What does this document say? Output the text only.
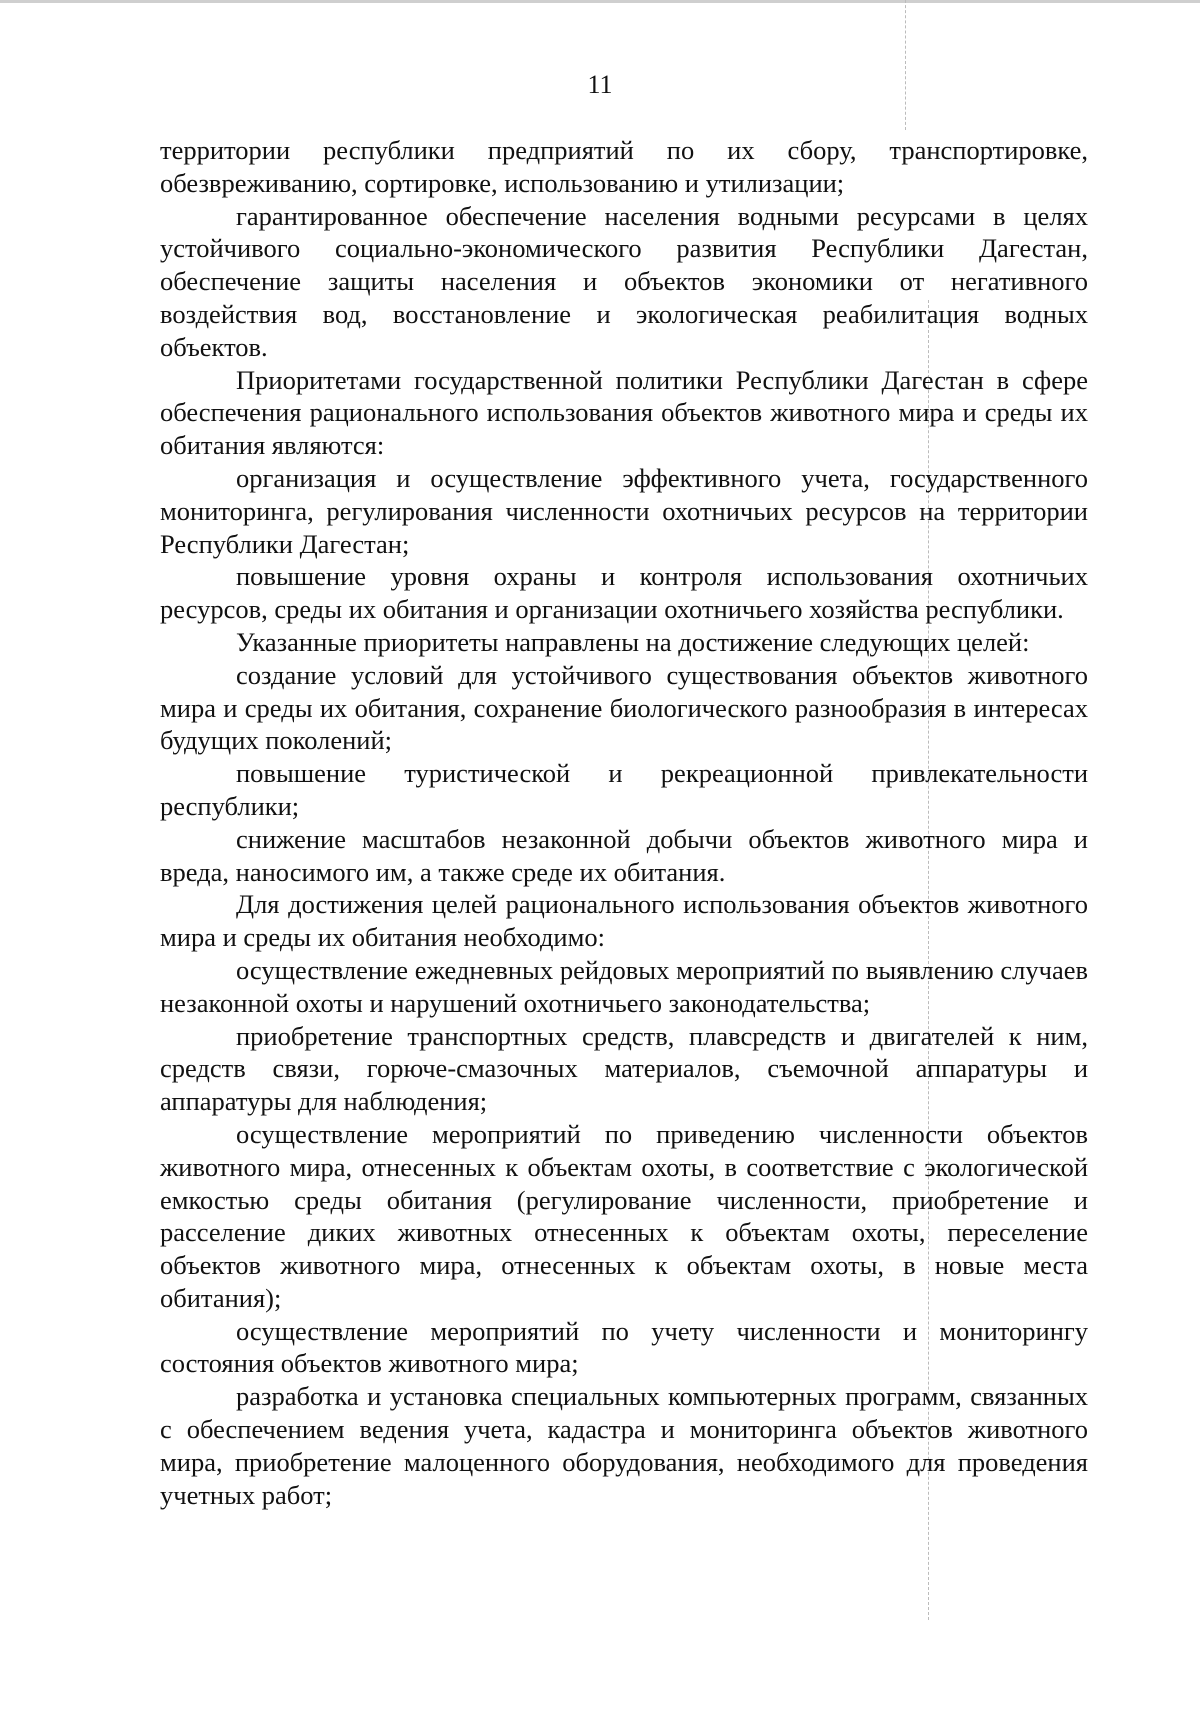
11

территории республики предприятий по их сбору, транспортировке, обезвреживанию, сортировке, использованию и утилизации;

гарантированное обеспечение населения водными ресурсами в целях устойчивого социально-экономического развития Республики Дагестан, обеспечение защиты населения и объектов экономики от негативного воздействия вод, восстановление и экологическая реабилитация водных объектов.

Приоритетами государственной политики Республики Дагестан в сфере обеспечения рационального использования объектов животного мира и среды их обитания являются:

организация и осуществление эффективного учета, государственного мониторинга, регулирования численности охотничьих ресурсов на территории Республики Дагестан;

повышение уровня охраны и контроля использования охотничьих ресурсов, среды их обитания и организации охотничьего хозяйства республики.

Указанные приоритеты направлены на достижение следующих целей:

создание условий для устойчивого существования объектов животного мира и среды их обитания, сохранение биологического разнообразия в интересах будущих поколений;

повышение туристической и рекреационной привлекательности республики;

снижение масштабов незаконной добычи объектов животного мира и вреда, наносимого им, а также среде их обитания.

Для достижения целей рационального использования объектов животного мира и среды их обитания необходимо:

осуществление ежедневных рейдовых мероприятий по выявлению случаев незаконной охоты и нарушений охотничьего законодательства;

приобретение транспортных средств, плавсредств и двигателей к ним, средств связи, горюче-смазочных материалов, съемочной аппаратуры и аппаратуры для наблюдения;

осуществление мероприятий по приведению численности объектов животного мира, отнесенных к объектам охоты, в соответствие с экологической емкостью среды обитания (регулирование численности, приобретение и расселение диких животных отнесенных к объектам охоты, переселение объектов животного мира, отнесенных к объектам охоты, в новые места обитания);

осуществление мероприятий по учету численности и мониторингу состояния объектов животного мира;

разработка и установка специальных компьютерных программ, связанных с обеспечением ведения учета, кадастра и мониторинга объектов животного мира, приобретение малоценного оборудования, необходимого для проведения учетных работ;
